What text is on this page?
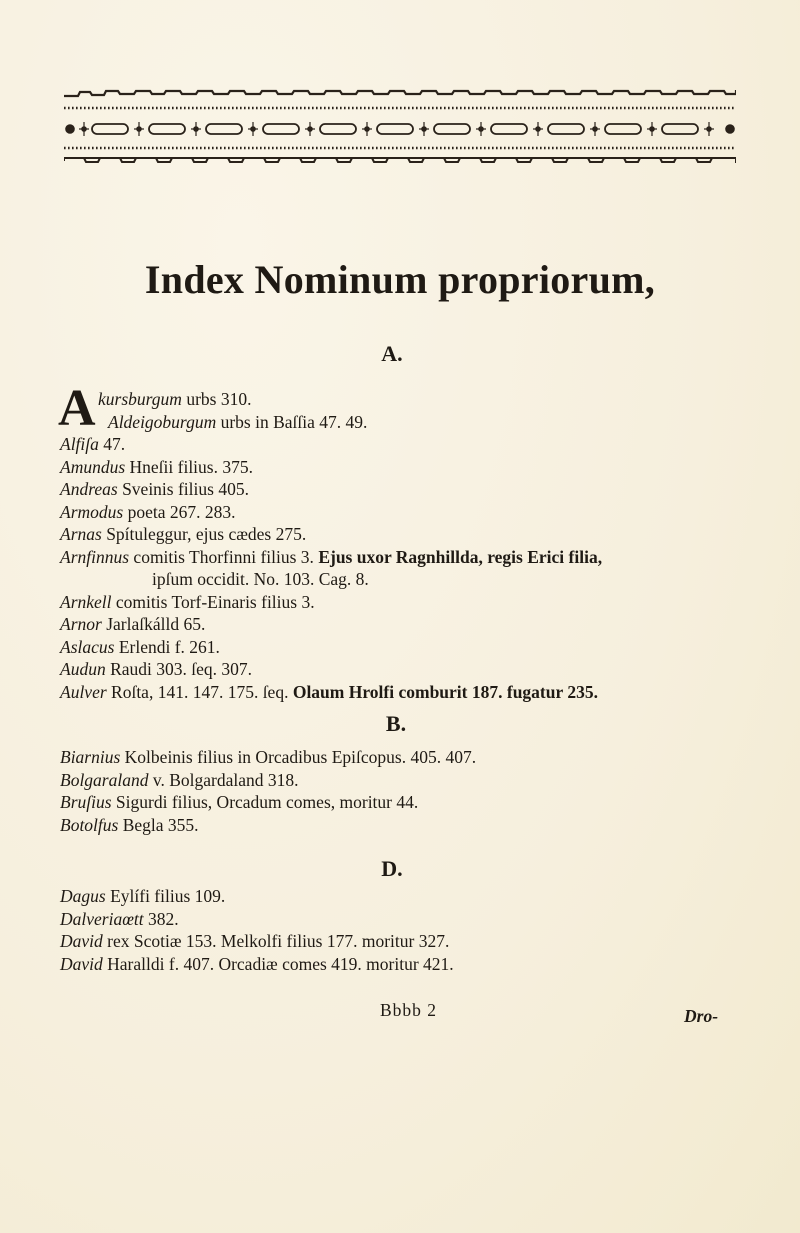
Index Nominum propriorum,
A.
A kursburgum urbs 310.
Aldeigoburgum urbs in Baſſia 47. 49.
Alfiſa 47.
Amundus Hneſii filius. 375.
Andreas Sveinis filius 405.
Armodus poeta 267. 283.
Arnas Spítuleggur, ejus cædes 275.
Arnfinnus comitis Thorfinni filius 3. Ejus uxor Ragnhillda, regis Erici filia,
ipſum occidit. No. 103. Cag. 8.
Arnkell comitis Torf-Einaris filius 3.
Arnor Jarlaſkálld 65.
Aslacus Erlendi f. 261.
Audun Raudi 303. ſeq. 307.
Aulver Roſta, 141. 147. 175. ſeq. Olaum Hrolfi comburit 187. fugatur 235.
B.
Biarnius Kolbeinis filius in Orcadibus Epiſcopus. 405. 407.
Bolgaraland v. Bolgardaland 318.
Bruſius Sigurdi filius, Orcadum comes, moritur 44.
Botolfus Begla 355.
D.
Dagus Eylífi filius 109.
Dalveriaœtt 382.
David rex Scotiæ 153. Melkolfi filius 177. moritur 327.
David Haralldi f. 407. Orcadiæ comes 419. moritur 421.
Bbbb 2	Dro-
